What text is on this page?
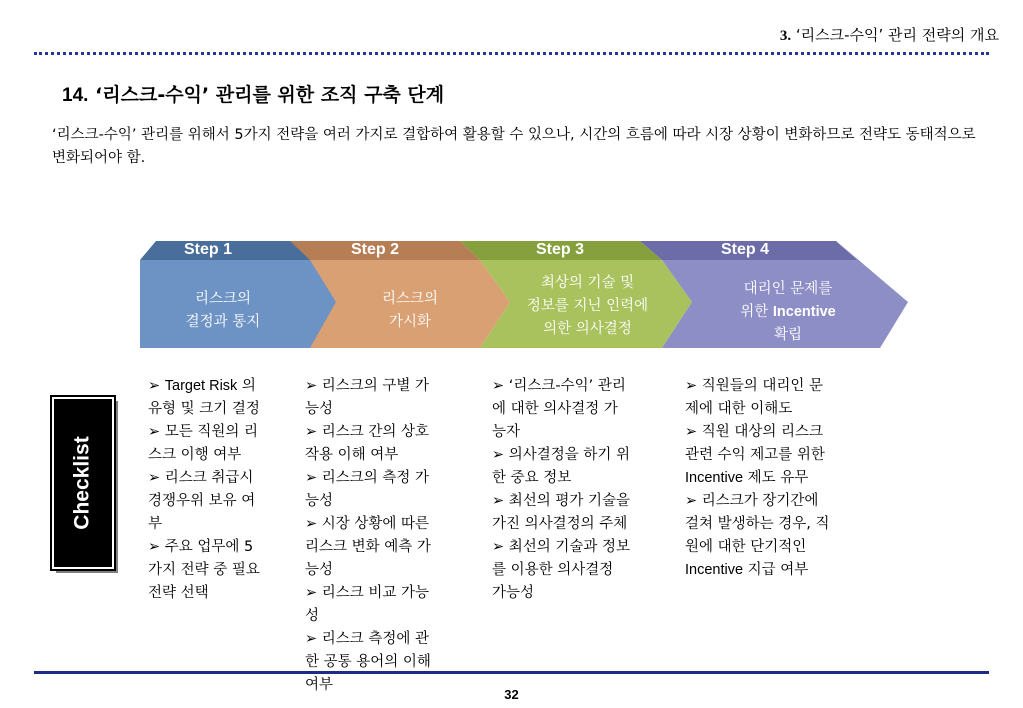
3. ‘리스크-수익’ 관리 전략의 개요
14. ‘리스크-수익’ 관리를 위한 조직 구축 단계
‘리스크-수익’ 관리를 위해서 5가지 전략을 여러 가지로 결합하여 활용할 수 있으나, 시간의 흐름에 따라 시장 상황이 변화하므로 전략도 동태적으로 변화되어야 함.
Step 1	Step 2	Step 3	Step 4
리스크의
결정과 통지
리스크의
가시화
최상의 기술 및
정보를 지닌 인력에
의한 의사결정
대리인 문제를
위한 Incentive
확립
Checklist

➢ Target Risk 의

유형 및 크기 결정

➢ 모든 직원의 리

스크 이행 여부

➢ 리스크 취급시

경쟁우위 보유 여

부

➢ 주요 업무에 5

가지 전략 중 필요

전략 선택

➢ 리스크의 구별 가

능성

➢ 리스크 간의 상호

작용 이해 여부

➢ 리스크의 측정 가

능성

➢ 시장 상황에 따른

리스크 변화 예측 가

능성

➢ 리스크 비교 가능

성

➢ 리스크 측정에 관

한 공통 용어의 이해

여부

➢ ‘리스크-수익’ 관리

에 대한 의사결정 가

능자

➢ 의사결정을 하기 위

한 중요 정보

➢ 최선의 평가 기술을

가진 의사결정의 주체

➢ 최선의 기술과 정보

를 이용한 의사결정

가능성

➢ 직원들의 대리인 문

제에 대한 이해도

➢ 직원 대상의 리스크

관련 수익 제고를 위한

Incentive 제도 유무

➢ 리스크가 장기간에

걸쳐 발생하는 경우, 직

원에 대한 단기적인

Incentive 지급 여부

32
